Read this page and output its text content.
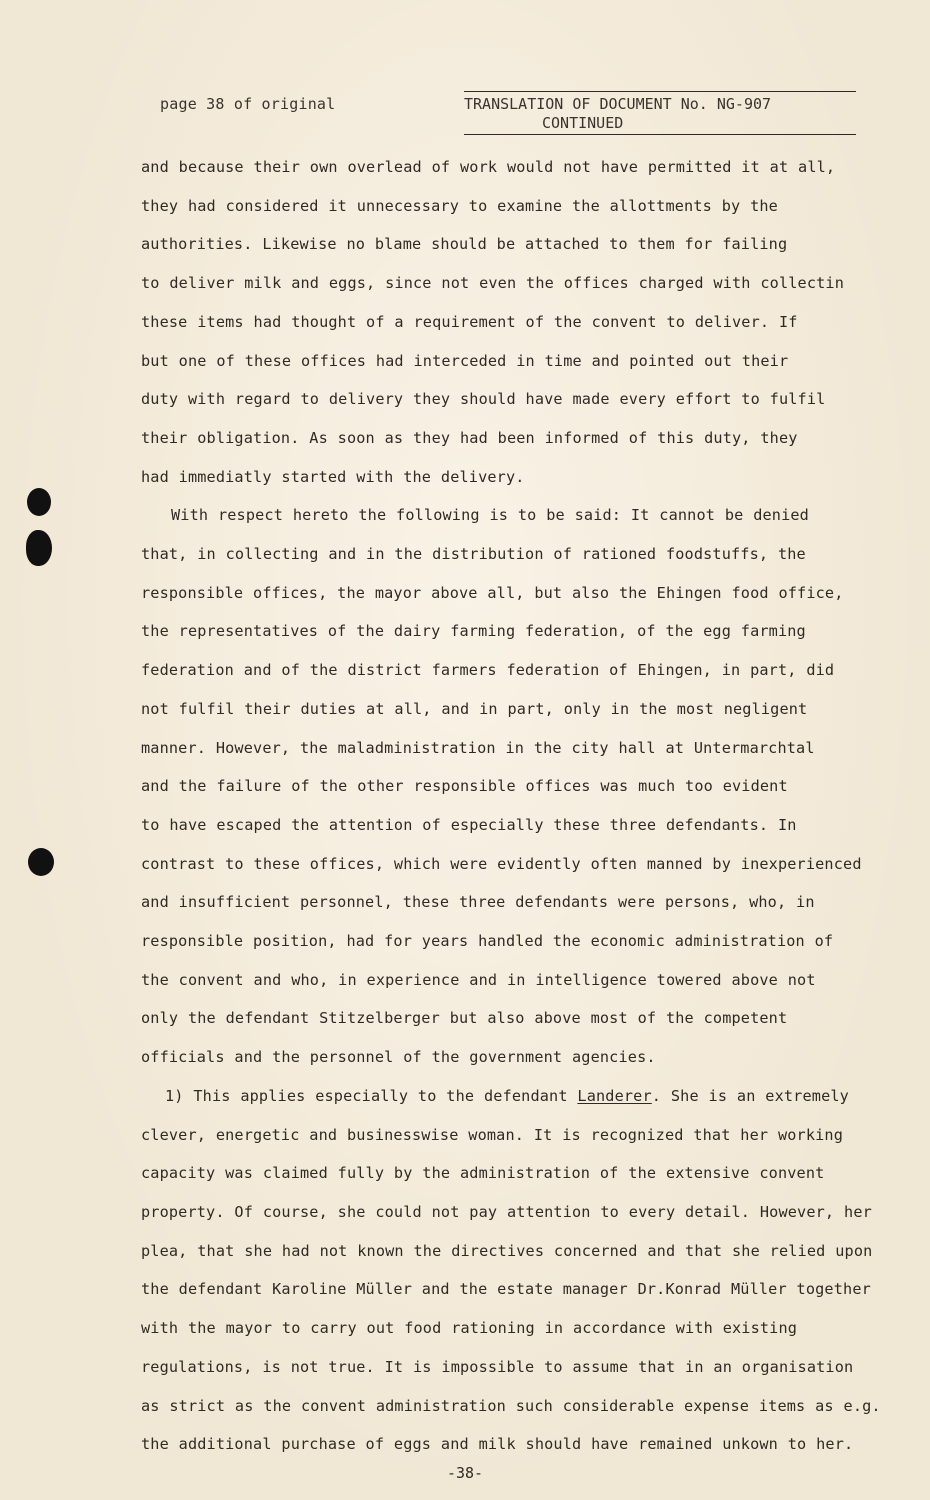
page 38 of original	TRANSLATION OF DOCUMENT No. NG-907
CONTINUED
and because their own overlead of work would not have permitted it at all,
they had considered it unnecessary to examine the allottments by the
authorities. Likewise no blame should be attached to them for failing
to deliver milk and eggs, since not even the offices charged with collectin
these items had thought of a requirement of the convent to deliver. If
but one of these offices had interceded in time and pointed out their
duty with regard to delivery they should have made every effort to fulfil
their obligation. As soon as they had been informed of this duty, they
had immediatly started with the delivery.
With respect hereto the following is to be said: It cannot be denied
that, in collecting and in the distribution of rationed foodstuffs, the
responsible offices, the mayor above all, but also the Ehingen food office,
the representatives of the dairy farming federation, of the egg farming
federation and of the district farmers federation of Ehingen, in part, did
not fulfil their duties at all, and in part, only in the most negligent
manner. However, the maladministration in the city hall at Untermarchtal
and the failure of the other responsible offices was much too evident
to have escaped the attention of especially these three defendants. In
contrast to these offices, which were evidently often manned by inexperienced
and insufficient personnel, these three defendants were persons, who, in
responsible position, had for years handled the economic administration of
the convent and who, in experience and in intelligence towered above not
only the defendant Stitzelberger but also above most of the competent
officials and the personnel of the government agencies.
1) This applies especially to the defendant Landerer. She is an extremely
clever, energetic and businesswise woman. It is recognized that her working
capacity was claimed fully by the administration of the extensive convent
property. Of course, she could not pay attention to every detail. However, her
plea, that she had not known the directives concerned and that she relied upon
the defendant Karoline Müller and the estate manager Dr.Konrad Müller together
with the mayor to carry out food rationing in accordance with existing
regulations, is not true. It is impossible to assume that in an organisation
as strict as the convent administration such considerable expense items as e.g.
the additional purchase of eggs and milk should have remained unkown to her.
-38-
